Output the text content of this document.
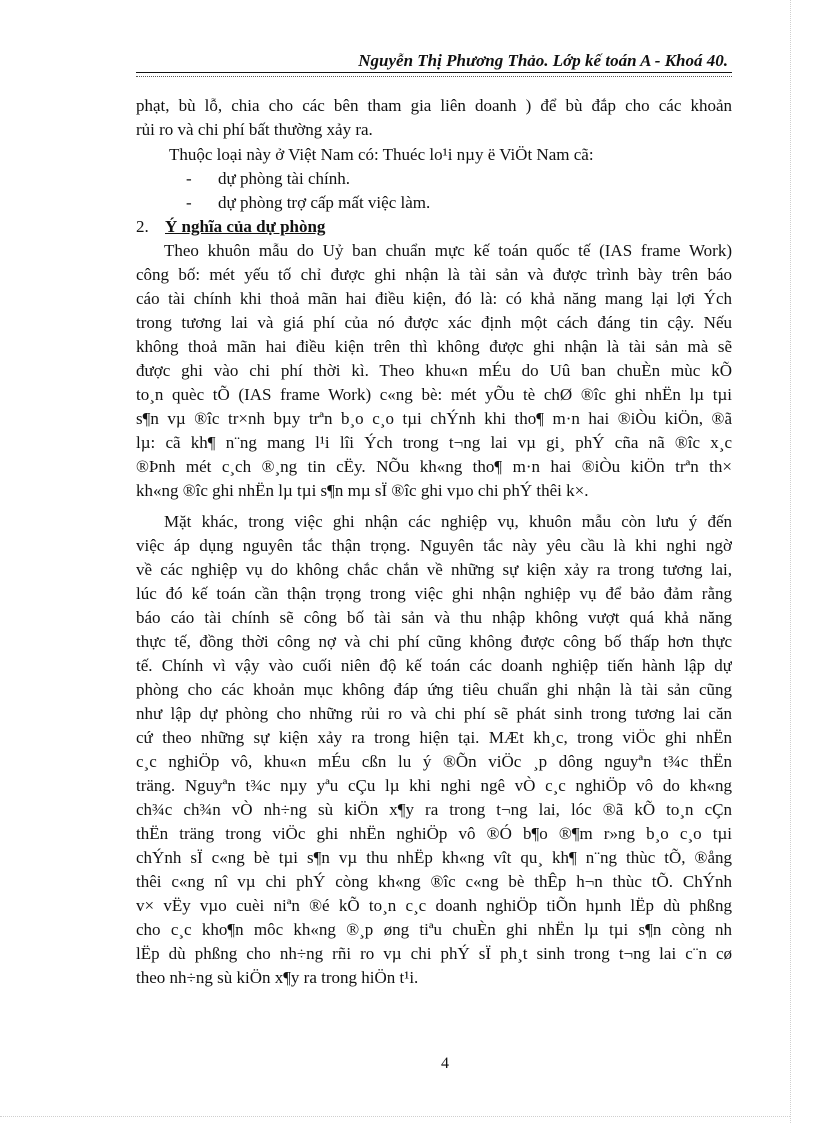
Nguyễn Thị Phương Thảo. Lớp kế toán A - Khoá 40.
phạt, bù lỗ, chia cho các bên tham gia liên doanh ) để bù đắp cho các khoản
rủi ro và chi phí bất thường xảy ra.
Thuộc loại này ở Việt Nam có: Thuéc lo¹i nµy ë ViÖt Nam cã:
- dự phòng tài chính.
- dự phòng trợ cấp mất việc làm.
2. Ý nghĩa của dự phòng
Theo khuôn mẫu do Uỷ ban chuẩn mực kế toán quốc tế (IAS frame Work)
công bố: mét yếu tố chỉ được ghi nhận là tài sản và được trình bày trên báo
cáo tài chính khi thoả mãn hai điều kiện, đó là: có khả năng mang lại lợi Ých
trong tương lai và giá phí của nó được xác định một cách đáng tin cậy. Nếu
không thoả mãn hai điều kiện trên thì không được ghi nhận là tài sản mà sẽ
được ghi vào chi phí thời kì. Theo khu«n mÉu do Uû ban chuÈn mùc kÕ
to¸n quèc tÕ (IAS frame Work) c«ng bè: mét yÕu tè chØ ®îc ghi nhËn lµ tµi
s¶n vµ ®îc tr×nh bµy trªn b¸o c¸o tµi chÝnh khi tho¶ m·n hai ®iÒu kiÖn, ®ã
lµ: cã kh¶ n¨ng mang l¹i lîi Ých trong t¬ng lai vµ gi¸ phÝ cña nã ®îc x¸c
®Þnh mét c¸ch ®¸ng tin cËy. NÕu kh«ng tho¶ m·n hai ®iÒu kiÖn trªn th×
kh«ng ®îc ghi nhËn lµ tµi s¶n mµ sÏ ®îc ghi vµo chi phÝ thêi k×.
Mặt khác, trong việc ghi nhận các nghiệp vụ, khuôn mẫu còn lưu ý đến
việc áp dụng nguyên tắc thận trọng. Nguyên tắc này yêu cầu là khi nghi ngờ
về các nghiệp vụ do không chắc chắn về những sự kiện xảy ra trong tương lai,
lúc đó kế toán cần thận trọng trong việc ghi nhận nghiệp vụ để bảo đảm rằng
báo cáo tài chính sẽ công bố tài sản và thu nhập không vượt quá khả năng
thực tế, đồng thời công nợ và chi phí cũng không được công bố thấp hơn thực
tế. Chính vì vậy vào cuối niên độ kế toán các doanh nghiệp tiến hành lập dự
phòng cho các khoản mục không đáp ứng tiêu chuẩn ghi nhận là tài sản cũng
như lập dự phòng cho những rủi ro và chi phí sẽ phát sinh trong tương lai căn
cứ theo những sự kiện xảy ra trong hiện tại. MÆt kh¸c, trong viÖc ghi nhËn
c¸c nghiÖp vô, khu«n mÉu cßn lu ý ®Õn viÖc ¸p dông nguyªn t¾c thËn
träng. Nguyªn t¾c nµy yªu cÇu lµ khi nghi ngê vÒ c¸c nghiÖp vô do kh«ng
ch¾c ch¾n vÒ nh÷ng sù kiÖn x¶y ra trong t¬ng lai, lóc ®ã kÕ to¸n cÇn
thËn träng trong viÖc ghi nhËn nghiÖp vô ®Ó b¶o ®¶m r»ng b¸o c¸o tµi
chÝnh sÏ c«ng bè tµi s¶n vµ thu nhËp kh«ng vît qu¸ kh¶ n¨ng thùc tÕ, ®ång
thêi c«ng nî vµ chi phÝ còng kh«ng ®îc c«ng bè thÊp h¬n thùc tÕ. ChÝnh
v× vËy vµo cuèi niªn ®é kÕ to¸n c¸c doanh nghiÖp tiÕn hµnh lËp dù phßng
cho c¸c kho¶n môc kh«ng ®¸p øng tiªu chuÈn ghi nhËn lµ tµi s¶n còng nh
lËp dù phßng cho nh÷ng rñi ro vµ chi phÝ sÏ ph¸t sinh trong t¬ng lai c¨n cø
theo nh÷ng sù kiÖn x¶y ra trong hiÖn t¹i.
4
